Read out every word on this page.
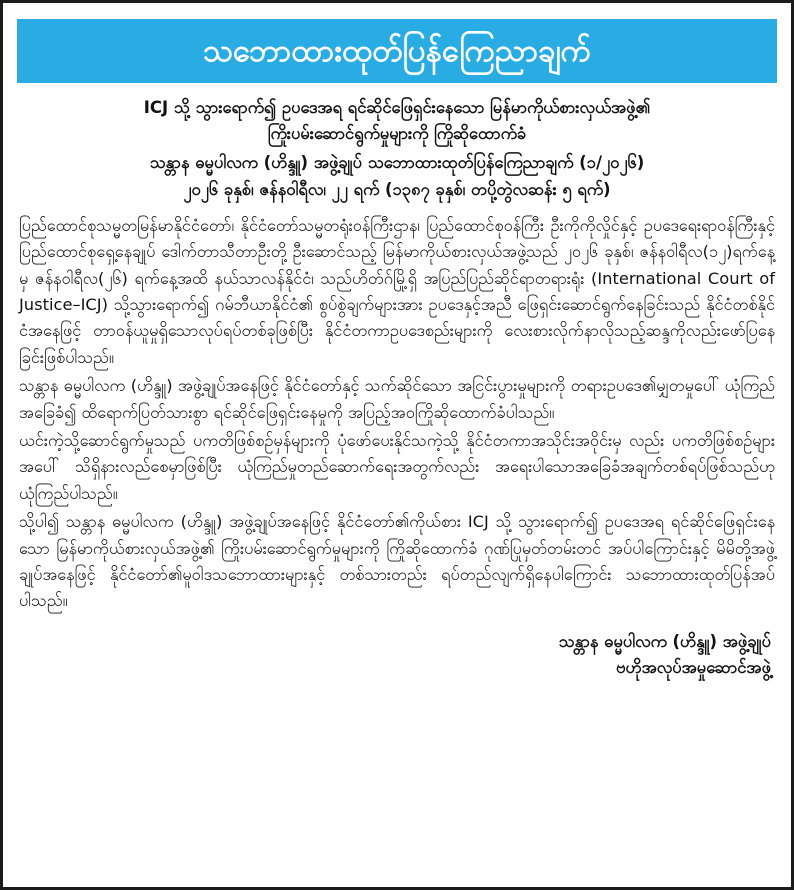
သဘောထားထုတ်ပြန်ကြေညာချက်
ICJ သို့ သွားရောက်၍ ဥပဒေအရ ရင်ဆိုင်ဖြေရှင်းနေသော မြန်မာကိုယ်စားလှယ်အဖွဲ့၏
ကြိုးပမ်းဆောင်ရွက်မှုများကို ကြိုဆိုထောက်ခံ
သန္တာန ဓမ္မပါလက (ဟိန္ဒူ) အဖွဲ့ချုပ် သဘောထားထုတ်ပြန်ကြေညာချက် (၁/၂၀၂၆)
၂၀၂၆ ခုနှစ်၊ ဇန်နဝါရီလ၊ ၂၂ ရက် (၁၃၈၇ ခုနှစ်၊ တပို့တွဲလဆန်း ၅ ရက်)

ပြည်ထောင်စုသမ္မတမြန်မာနိုင်ငံတော်၊ နိုင်ငံတော်သမ္မတရုံးဝန်ကြီးဌာန၊ ပြည်ထောင်စုဝန်ကြီး ဦးကိုကိုလှိုင်နှင့် ဥပဒေရေးရာဝန်ကြီးနှင့်ပြည်ထောင်စုရှေ့နေချုပ် ဒေါက်တာသီတာဦးတို့ ဦးဆောင်သည့် မြန်မာကိုယ်စားလှယ်အဖွဲ့သည် ၂၀၂၆ ခုနှစ်၊ ဇန်နဝါရီလ(၁၂)ရက်နေ့မှ ဇန်နဝါရီလ(၂၆) ရက်နေ့အထိ နယ်သာလန်နိုင်ငံ၊ သည်ဟိတ်ဂ်မြို့ရှိ အပြည်ပြည်ဆိုင်ရာတရားရုံး (International Court of Justice–ICJ) သို့သွားရောက်၍ ဂမ်ဘီယာနိုင်ငံ၏ စွပ်စွဲချက်များအား ဥပဒေနှင့်အညီ ဖြေရှင်းဆောင်ရွက်နေခြင်းသည် နိုင်ငံတစ်နိုင်ငံအနေဖြင့် တာဝန်ယူမှုရှိသောလုပ်ရပ်တစ်ခုဖြစ်ပြီး နိုင်ငံတကာဥပဒေစည်းများကို လေးစားလိုက်နာလိုသည့်ဆန္ဒကိုလည်းဖော်ပြနေခြင်းဖြစ်ပါသည်။

သန္တာန ဓမ္မပါလက (ဟိန္ဒူ) အဖွဲ့ချုပ်အနေဖြင့် နိုင်ငံတော်နှင့် သက်ဆိုင်သော အငြင်းပွားမှုများကို တရားဥပဒေ၏မျှတမှုပေါ် ယုံကြည်အခြေခံ၍ ထိရောက်ပြတ်သားစွာ ရင်ဆိုင်ဖြေရှင်းနေမှုကို အပြည့်အဝကြိုဆိုထောက်ခံပါသည်။

ယင်းကဲ့သို့ဆောင်ရွက်မှုသည် ပကတိဖြစ်စဉ်မှန်များကို ပုံဖော်ပေးနိုင်သကဲ့သို့ နိုင်ငံတကာအသိုင်းအဝိုင်းမှ လည်း ပကတိဖြစ်စဉ်များအပေါ် သိရှိနားလည်စေမှာဖြစ်ပြီး ယုံကြည်မှုတည်ဆောက်ရေးအတွက်လည်း အရေးပါသောအခြေခံအချက်တစ်ရပ်ဖြစ်သည်ဟု ယုံကြည်ပါသည်။

သို့ပါ၍ သန္တာန ဓမ္မပါလက (ဟိန္ဒူ) အဖွဲ့ချုပ်အနေဖြင့် နိုင်ငံတော်၏ကိုယ်စား ICJ သို့ သွားရောက်၍ ဥပဒေအရ ရင်ဆိုင်ဖြေရှင်းနေသော မြန်မာကိုယ်စားလှယ်အဖွဲ့၏ ကြိုးပမ်းဆောင်ရွက်မှုများကို ကြိုဆိုထောက်ခံ ဂုဏ်ပြုမှတ်တမ်းတင် အပ်ပါကြောင်းနှင့် မိမိတို့အဖွဲ့ချုပ်အနေဖြင့် နိုင်ငံတော်၏မူဝါဒသဘောထားများနှင့် တစ်သားတည်း ရပ်တည်လျက်ရှိနေပါကြောင်း သဘောထားထုတ်ပြန်အပ်ပါသည်။

သန္တာန ဓမ္မပါလက (ဟိန္ဒူ) အဖွဲ့ချုပ်
ဗဟိုအလုပ်အမှုဆောင်အဖွဲ့
